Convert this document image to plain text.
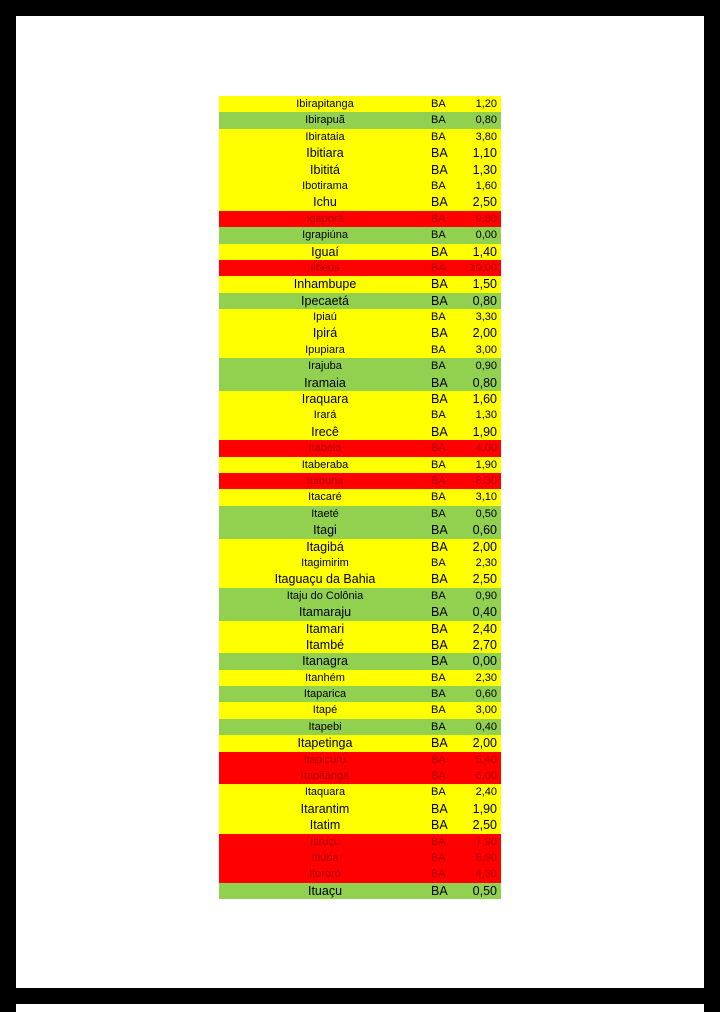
Ibirapitanga	BA	1,20
Ibirapuã	BA	0,80
Ibirataia	BA	3,80
Ibitiara	BA	1,10
Ibititá	BA	1,30
Ibotirama	BA	1,60
Ichu	BA	2,50
Igaporã	BA	9,80
Igrapiúna	BA	0,00
Iguaí	BA	1,40
Ilhéus	BA	10,00
Inhambupe	BA	1,50
Ipecaetá	BA	0,80
Ipiaú	BA	3,30
Ipirá	BA	2,00
Ipupiara	BA	3,00
Irajuba	BA	0,90
Iramaia	BA	0,80
Iraquara	BA	1,60
Irará	BA	1,30
Irecê	BA	1,90
Itabela	BA	4,00
Itaberaba	BA	1,90
Itabuna	BA	8,30
Itacaré	BA	3,10
Itaeté	BA	0,50
Itagi	BA	0,60
Itagibá	BA	2,00
Itagimirim	BA	2,30
Itaguaçu da Bahia	BA	2,50
Itaju do Colônia	BA	0,90
Itamaraju	BA	0,40
Itamari	BA	2,40
Itambé	BA	2,70
Itanagra	BA	0,00
Itanhém	BA	2,30
Itaparica	BA	0,60
Itapé	BA	3,00
Itapebi	BA	0,40
Itapetinga	BA	2,00
Itapicuru	BA	5,40
Itapitanga	BA	6,00
Itaquara	BA	2,40
Itarantim	BA	1,90
Itatim	BA	2,50
Itiruçu	BA	7,90
Itiúba	BA	5,90
Itororó	BA	4,30
Ituaçu	BA	0,50
